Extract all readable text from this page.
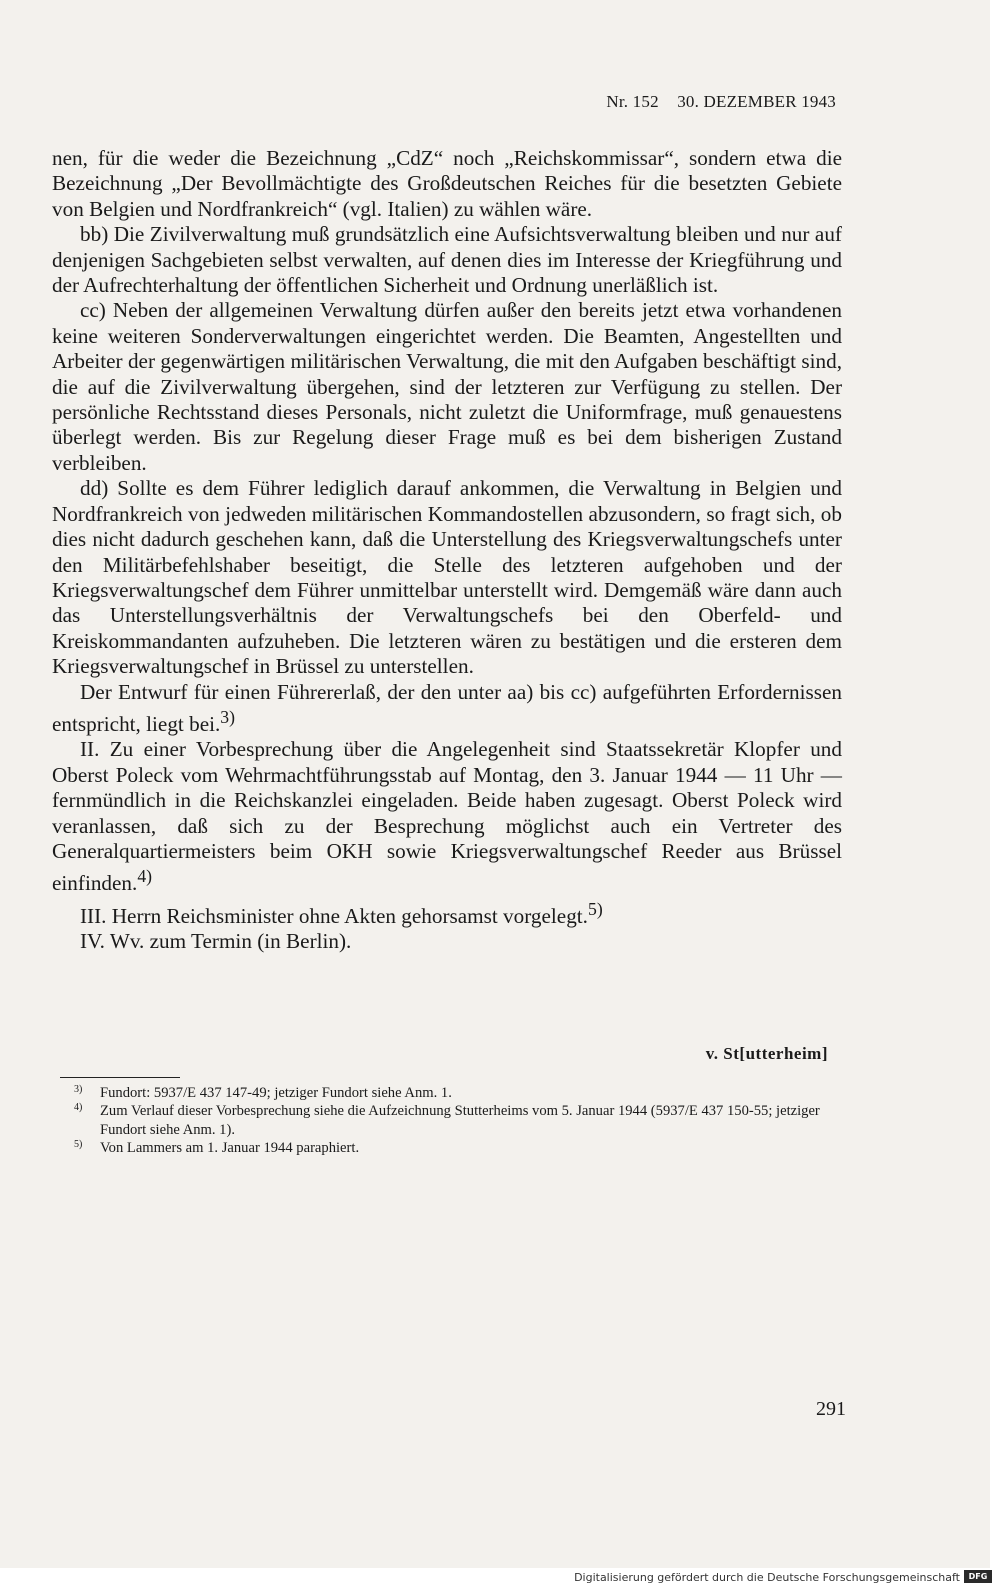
Nr. 152 30. DEZEMBER 1943

nen, für die weder die Bezeichnung „CdZ“ noch „Reichskommissar“, sondern etwa die Bezeichnung „Der Bevollmächtigte des Großdeutschen Reiches für die besetzten Gebiete von Belgien und Nordfrankreich“ (vgl. Italien) zu wählen wäre.

bb) Die Zivilverwaltung muß grundsätzlich eine Aufsichtsverwaltung bleiben und nur auf denjenigen Sachgebieten selbst verwalten, auf denen dies im Interesse der Kriegführung und der Aufrechterhaltung der öffentlichen Sicherheit und Ordnung unerläßlich ist.

cc) Neben der allgemeinen Verwaltung dürfen außer den bereits jetzt etwa vorhandenen keine weiteren Sonderverwaltungen eingerichtet werden. Die Beamten, Angestellten und Arbeiter der gegenwärtigen militärischen Verwaltung, die mit den Aufgaben beschäftigt sind, die auf die Zivilverwaltung übergehen, sind der letzteren zur Verfügung zu stellen. Der persönliche Rechtsstand dieses Personals, nicht zuletzt die Uniformfrage, muß genauestens überlegt werden. Bis zur Regelung dieser Frage muß es bei dem bisherigen Zustand verbleiben.

dd) Sollte es dem Führer lediglich darauf ankommen, die Verwaltung in Belgien und Nordfrankreich von jedweden militärischen Kommandostellen abzusondern, so fragt sich, ob dies nicht dadurch geschehen kann, daß die Unterstellung des Kriegsverwaltungschefs unter den Militärbefehlshaber beseitigt, die Stelle des letzteren aufgehoben und der Kriegsverwaltungschef dem Führer unmittelbar unterstellt wird. Demgemäß wäre dann auch das Unterstellungsverhältnis der Verwaltungschefs bei den Oberfeld- und Kreiskommandanten aufzuheben. Die letzteren wären zu bestätigen und die ersteren dem Kriegsverwaltungschef in Brüssel zu unterstellen.

Der Entwurf für einen Führererlaß, der den unter aa) bis cc) aufgeführten Erfordernissen entspricht, liegt bei.$^{3)}$

II. Zu einer Vorbesprechung über die Angelegenheit sind Staatssekretär Klopfer und Oberst Poleck vom Wehrmachtführungsstab auf Montag, den 3. Januar 1944 — 11 Uhr — fernmündlich in die Reichskanzlei eingeladen. Beide haben zugesagt. Oberst Poleck wird veranlassen, daß sich zu der Besprechung möglichst auch ein Vertreter des Generalquartiermeisters beim OKH sowie Kriegsverwaltungschef Reeder aus Brüssel einfinden.$^{4)}$

III. Herrn Reichsminister ohne Akten gehorsamst vorgelegt.$^{5)}$

IV. Wv. zum Termin (in Berlin).

v. St[utterheim]
3) Fundort: 5937/E 437 147-49; jetziger Fundort siehe Anm. 1.
4) Zum Verlauf dieser Vorbesprechung siehe die Aufzeichnung Stutterheims vom 5. Januar 1944 (5937/E 437 150-55; jetziger Fundort siehe Anm. 1).
5) Von Lammers am 1. Januar 1944 paraphiert.
291
Digitalisierung gefördert durch die Deutsche Forschungsgemeinschaft	DFG
